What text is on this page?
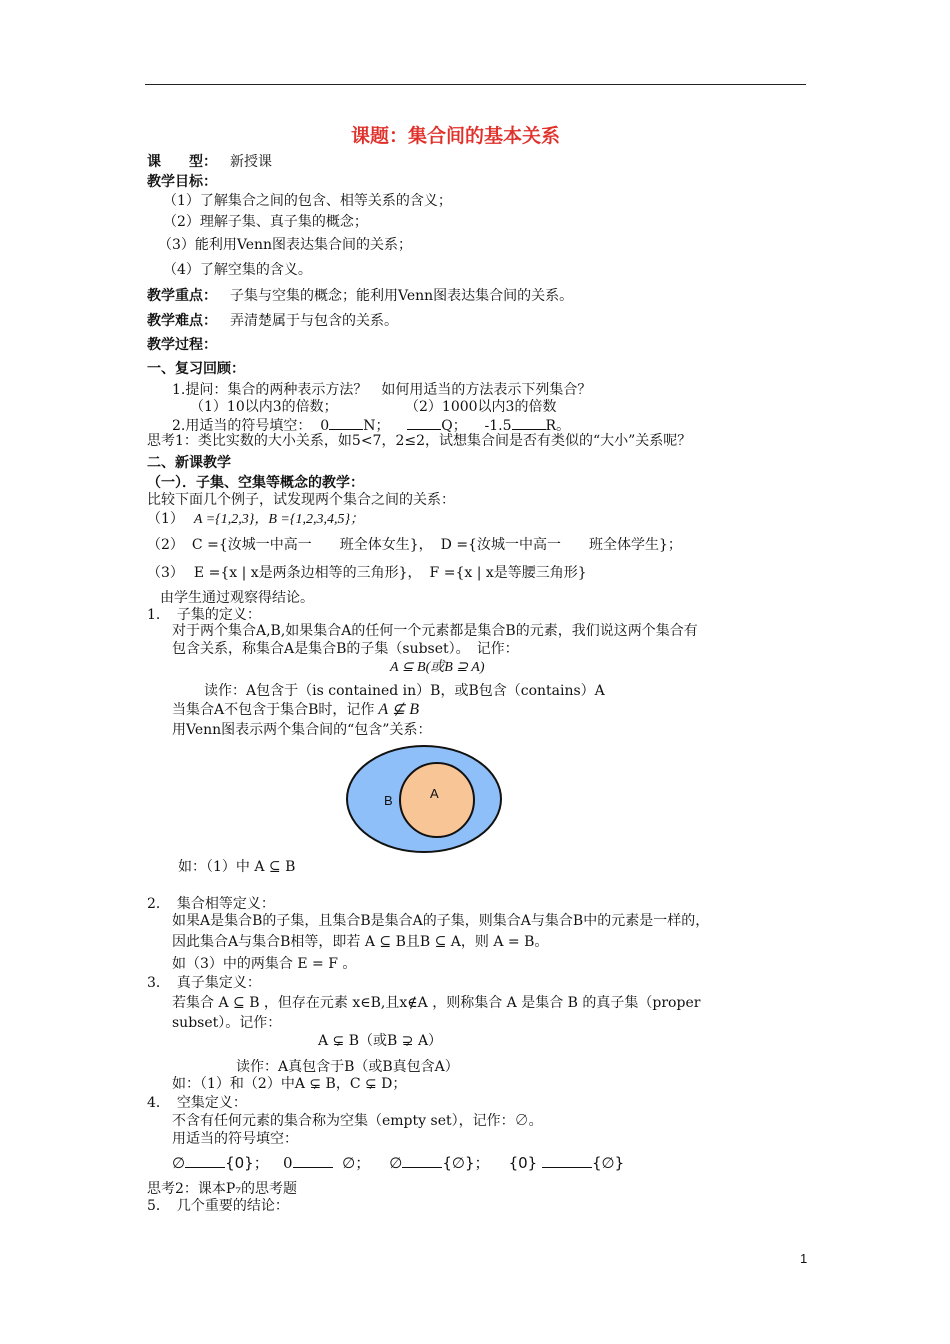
课题：集合间的基本关系
课　　型： 新授课
教学目标：
（1）了解集合之间的包含、相等关系的含义；
（2）理解子集、真子集的概念；
（3）能利用Venn图表达集合间的关系；
（4）了解空集的含义。
教学重点： 子集与空集的概念；能利用Venn图表达集合间的关系。
教学难点： 弄清楚属于与包含的关系。
教学过程：
一、复习回顾：
1.提问：集合的两种表示方法？　如何用适当的方法表示下列集合？
（1）10以内3的倍数；	（2）1000以内3的倍数
2.用适当的符号填空： 0 N；	Q； -1.5 R。
思考1：类比实数的大小关系，如5<7，2≤2，试想集合间是否有类似的“大小”关系呢？
二、新课教学
（一）．子集、空集等概念的教学：
比较下面几个例子，试发现两个集合之间的关系：
（1） A ={1,2,3}，B ={1,2,3,4,5}；
（2） C ={汝城一中高一　　班全体女生}， D ={汝城一中高一　　班全体学生}；
（3） E ={x | x是两条边相等的三角形}， F ={x | x是等腰三角形}
由学生通过观察得结论。
1．　子集的定义：
对于两个集合A,B,如果集合A的任何一个元素都是集合B的元素，我们说这两个集合有
包含关系，称集合A是集合B的子集（subset）。　记作：
A ⊆ B(或B ⊇ A)
读作：A包含于（is contained in）B，或B包含（contains）A
当集合A不包含于集合B时，记作 A ⊈ B
用Venn图表示两个集合间的“包含”关系：
B	A
如：（1）中 A ⊆ B
2．　集合相等定义：
如果A是集合B的子集，且集合B是集合A的子集，则集合A与集合B中的元素是一样的，
因此集合A与集合B相等，即若 A ⊆ B且B ⊆ A，则 A = B。
如（3）中的两集合 E = F 。
3．　真子集定义：
若集合 A ⊆ B ，但存在元素 x∈B,且x∉A ，则称集合 A 是集合 B 的真子集（proper
subset）。记作：
A ⊊ B（或B ⊋ A）
读作：A真包含于B（或B真包含A）
如：（1）和（2）中A ⊊ B，C ⊊ D；
4．　空集定义：
不含有任何元素的集合称为空集（empty set），记作：∅。
用适当的符号填空：
∅	{0}； 0	∅； ∅	{∅}； {0}	{∅}
思考2：课本P₇的思考题
5．　几个重要的结论：
1
